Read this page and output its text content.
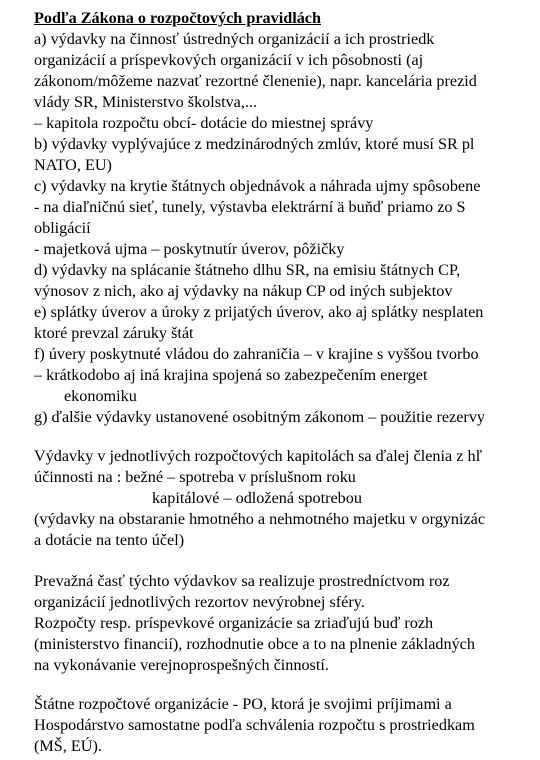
Podľa Zákona o rozpočtových pravidlách
a) výdavky na činnosť ústredných organizácií a ich prostriedk
organizácií a príspevkových organizácií v ich pôsobnosti (aj
zákonom/môžeme nazvať rezortné členenie), napr. kancelária prezid
vlády SR, Ministerstvo školstva,...
– kapitola rozpočtu obcí- dotácie do miestnej správy
b) výdavky vyplývajúce z medzinárodných zmlúv, ktoré musí SR pl
NATO, EU)
c) výdavky na krytie štátnych objednávok a náhrada ujmy spôsobene
- na diaľničnú sieť, tunely, výstavba elektrární ä buňď priamo zo S
obligácií
- majetková ujma – poskytnutír úverov, pôžičky
d) výdavky na splácanie štátneho dlhu SR, na emisiu štátnych CP,
výnosov z nich, ako aj výdavky na nákup CP od iných subjektov
e) splátky úverov a úroky z prijatých úverov, ako aj splátky nesplaten
ktoré prevzal záruky štát
f) úvery poskytnuté vládou do zahraničia – v krajine s vyššou tvorbo
– krátkodobo aj iná krajina spojená so zabezpečením energet
ekonomiku
g) ďalšie výdavky ustanovené osobitným zákonom – použitie rezervy
Výdavky v jednotlivých rozpočtových kapitolách sa ďalej členia z hľ
účinnosti na : bežné – spotreba v príslušnom roku
kapitálové – odložená spotrebou
(výdavky na obstaranie hmotného a nehmotného majetku v orgynizác
a dotácie na tento účel)
Prevažná časť týchto výdavkov sa realizuje prostredníctvom roz
organizácií jednotlivých rezortov nevýrobnej sféry.
Rozpočty resp. príspevkové organizácie sa zriaďujú buď rozh
(ministerstvo financií), rozhodnutie obce a to na plnenie základných
na vykonávanie verejnoprospešných činností.
Štátne rozpočtové organizácie - PO, ktorá je svojimi príjimami a
Hospodárstvo samostatne podľa schválenia rozpočtu s prostriedkam
(MŠ, EÚ).
